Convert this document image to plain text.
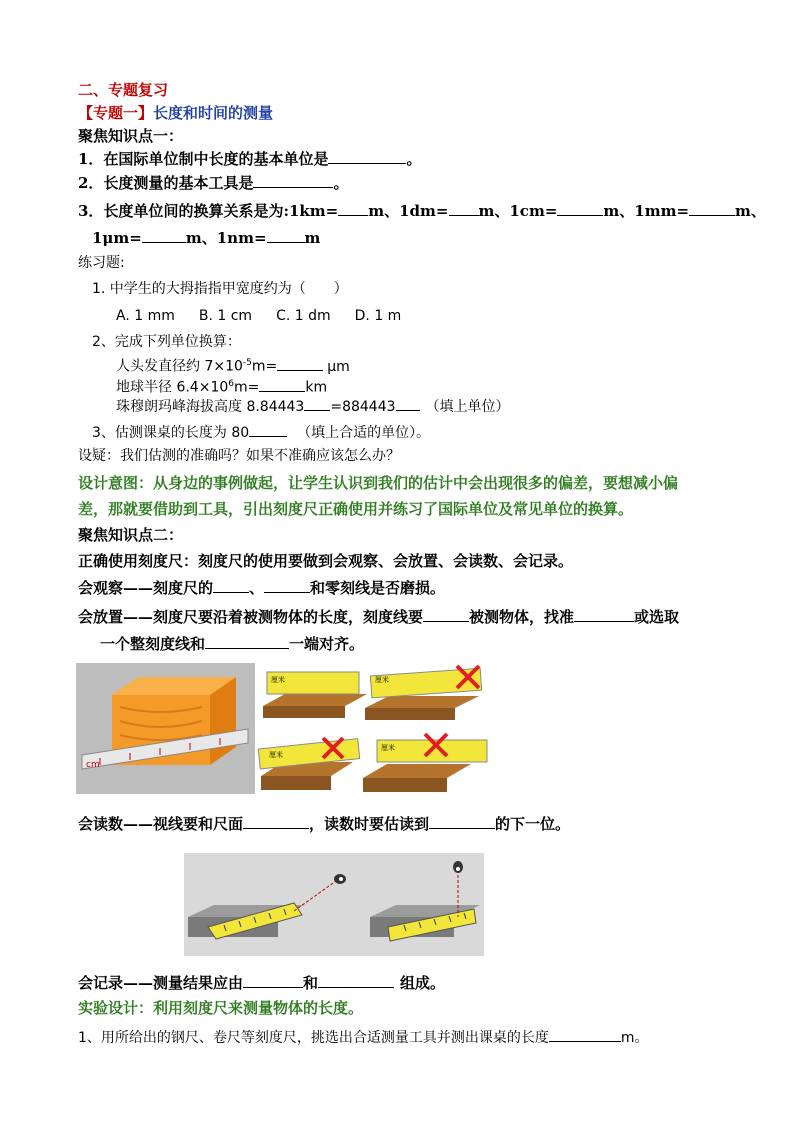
二、专题复习
【专题一】长度和时间的测量
聚焦知识点一：
1．在国际单位制中长度的基本单位是	。
2．长度测量的基本工具是	。
3．长度单位间的换算关系是为:1km= m、1dm= m、1cm=	m、1mm=	m、
1μm=	m、1nm=	m
练习题:
1. 中学生的大拇指指甲宽度约为（　　）
A. 1 mm B. 1 cm C. 1 dm D. 1 m
2、完成下列单位换算：
人头发直径约 $7\times 10^{-5}m=$	μm
地球半径 $6.4\times 10^6m=$	km
珠穆朗玛峰海拔高度 8.84443 =884443 （填上单位）
3、估测课桌的长度为 80	（填上合适的单位）。
设疑：我们估测的准确吗？如果不准确应该怎么办？
设计意图：从身边的事例做起，让学生认识到我们的估计中会出现很多的偏差，要想减小偏
差，那就要借助到工具，引出刻度尺正确使用并练习了国际单位及常见单位的换算。
聚焦知识点二：
正确使用刻度尺：刻度尺的使用要做到会观察、会放置、会读数、会记录。
会观察——刻度尺的 、	和零刻线是否磨损。
会放置——刻度尺要沿着被测物体的长度，刻度线要	被测物体，找准	或选取
一个整刻度线和	一端对齐。
cm
厘米	厘米
厘米
厘米
会读数——视线要和尺面	，读数时要估读到	的下一位。
会记录——测量结果应由	和	组成。
实验设计：利用刻度尺来测量物体的长度。
1、用所给出的钢尺、卷尺等刻度尺，挑选出合适测量工具并测出课桌的长度	m。
